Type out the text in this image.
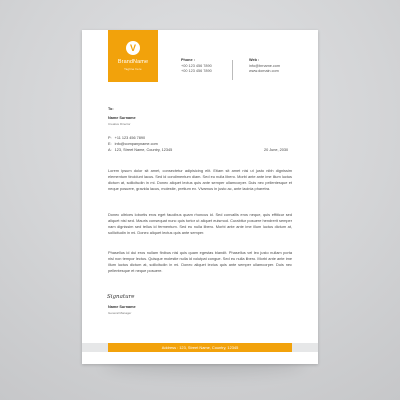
V
BrandName
Tagline here
Phone :
+00 123 456 7890
+00 123 456 7890
Web :
info@brname.com
www.domain.com
To:
Name Surname
Creative Director
P: +11 123 456 7890
E: info@companyname.com
A: 123, Street Name, Country, 12345	20 June, 2030

Lorem ipsum dolor sit amet, consectetur adipisicing elit. Etiam sit amet nisi ut justo nibh dignissim elementum tincidunt lacus. Sed id condimentum diam. Sed eu nulla libero. Morbi ante ante ime illum luctus dictum at, sollicitudin in mi. Donec aliquet lectus quis ante semper ullamcorper. Duis nec pellentesque et neque posuere, gravida lacus, molestie, pretium ex. Vivamus in justo ac, ante lacinia pharetra.

Donec ultrices lobortis eros eget faucibus quam rhoncus id. Sed convallis eros neque, quis effiticur sed aliquet nisl sed. Mauris consequat nunc quis tortor ut aliquet euismod. Curabitur posuere hendrerit semper nam dignissim sed tellus id fermentum. Sed eu nulla libero. Morbi ante ante ime illum luctus dictum at, sollicitudin in mi. Donec aliquet lectus quis ante semper.

Phasellus id dui eros nullam finibus nisl quis quam egestas blandit. Phasellus vel leo justo nullam porta nisl non tempor lectus. Quisque molestie nulla id volutpat congue. Sed eu nulla libero. Morbi ante ante ime illum luctus dictum at, sollicitudin in mi. Donec aliquet lectus quis ante semper ullamcorper. Duis nec pellentesque et neque posuere.

Signature
Name Surname
General Manager
Address : 123, Street Name, Country, 12345
